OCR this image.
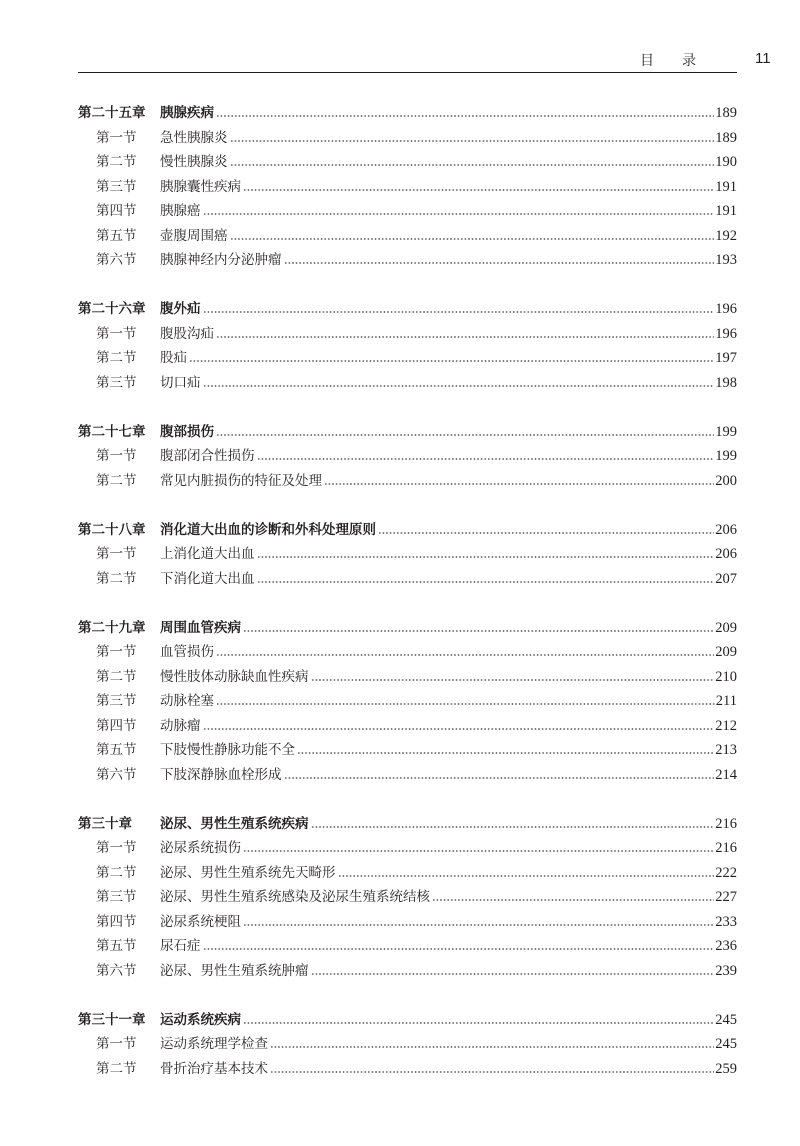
目	录	11
第二十五章	胰腺疾病	189
第一节	急性胰腺炎	189
第二节	慢性胰腺炎	190
第三节	胰腺囊性疾病	191
第四节	胰腺癌	191
第五节	壶腹周围癌	192
第六节	胰腺神经内分泌肿瘤	193
第二十六章	腹外疝	196
第一节	腹股沟疝	196
第二节	股疝	197
第三节	切口疝	198
第二十七章	腹部损伤	199
第一节	腹部闭合性损伤	199
第二节	常见内脏损伤的特征及处理	200
第二十八章	消化道大出血的诊断和外科处理原则	206
第一节	上消化道大出血	206
第二节	下消化道大出血	207
第二十九章	周围血管疾病	209
第一节	血管损伤	209
第二节	慢性肢体动脉缺血性疾病	210
第三节	动脉栓塞	211
第四节	动脉瘤	212
第五节	下肢慢性静脉功能不全	213
第六节	下肢深静脉血栓形成	214
第三十章	泌尿、男性生殖系统疾病	216
第一节	泌尿系统损伤	216
第二节	泌尿、男性生殖系统先天畸形	222
第三节	泌尿、男性生殖系统感染及泌尿生殖系统结核	227
第四节	泌尿系统梗阻	233
第五节	尿石症	236
第六节	泌尿、男性生殖系统肿瘤	239
第三十一章	运动系统疾病	245
第一节	运动系统理学检查	245
第二节	骨折治疗基本技术	259
